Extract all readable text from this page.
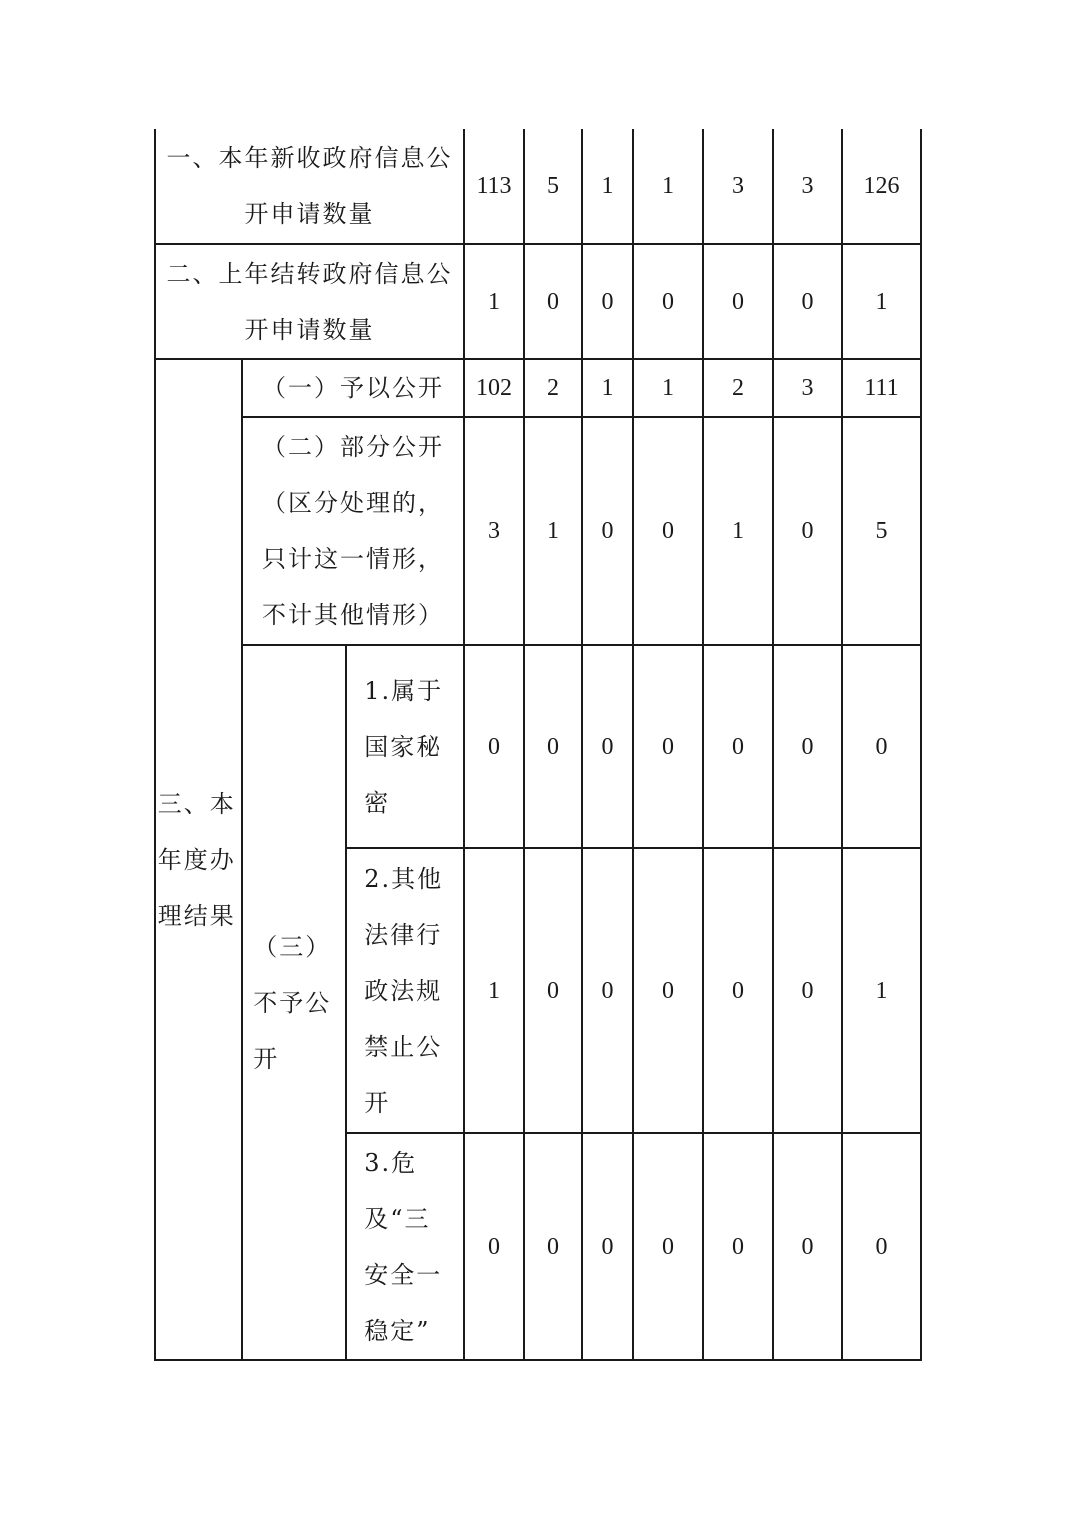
一、本年新收政府信息公开申请数量			113	5	1	1	3	3	126
二、上年结转政府信息公开申请数量			1	0	0	0	0	0	1
三、本年度办理结果	（一）予以公开		102	2	1	1	2	3	111
	（二）部分公开（区分处理的，只计这一情形，不计其他情形）		3	1	0	0	1	0	5
	（三）不予公开	1.属于国家秘密	0	0	0	0	0	0	0
		2.其他法律行政法规禁止公开	1	0	0	0	0	0	1
		3.危及“三安全一稳定”	0	0	0	0	0	0	0
